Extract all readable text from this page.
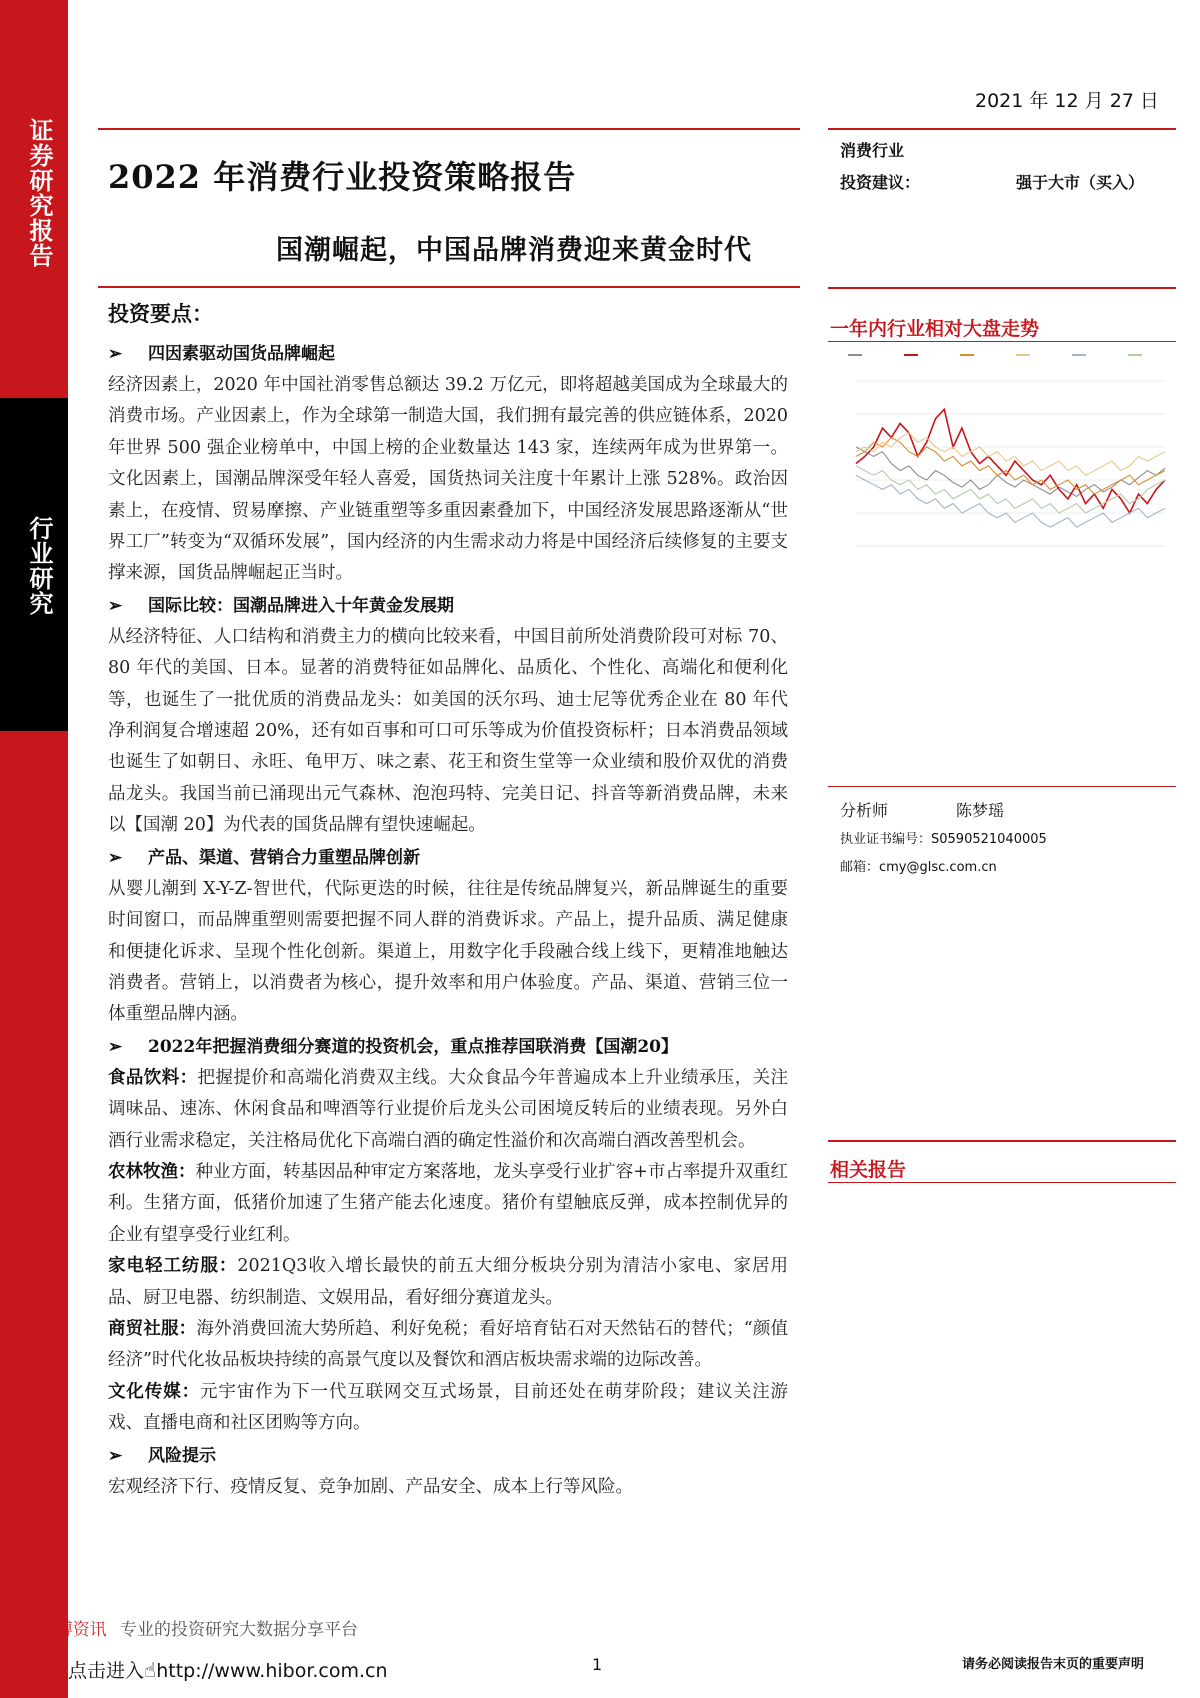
证券研究报告
行业研究
2021 年 12 月 27 日
2022 年消费行业投资策略报告
国潮崛起，中国品牌消费迎来黄金时代
消费行业
投资建议：	强于大市（买入）
一年内行业相对大盘走势
分析师	陈梦瑶
执业证书编号：S0590521040005
邮箱：cmy@glsc.com.cn
相关报告
投资要点：
➢ 四因素驱动国货品牌崛起

经济因素上，2020 年中国社消零售总额达 39.2 万亿元，即将超越美国成为全球最大的消费市场。产业因素上，作为全球第一制造大国，我们拥有最完善的供应链体系，2020 年世界 500 强企业榜单中，中国上榜的企业数量达 143 家，连续两年成为世界第一。文化因素上，国潮品牌深受年轻人喜爱，国货热词关注度十年累计上涨 528%。政治因素上，在疫情、贸易摩擦、产业链重塑等多重因素叠加下，中国经济发展思路逐渐从“世界工厂”转变为“双循环发展”，国内经济的内生需求动力将是中国经济后续修复的主要支撑来源，国货品牌崛起正当时。

➢ 国际比较：国潮品牌进入十年黄金发展期

从经济特征、人口结构和消费主力的横向比较来看，中国目前所处消费阶段可对标 70、80 年代的美国、日本。显著的消费特征如品牌化、品质化、个性化、高端化和便利化等，也诞生了一批优质的消费品龙头：如美国的沃尔玛、迪士尼等优秀企业在 80 年代净利润复合增速超 20%，还有如百事和可口可乐等成为价值投资标杆；日本消费品领域也诞生了如朝日、永旺、龟甲万、味之素、花王和资生堂等一众业绩和股价双优的消费品龙头。我国当前已涌现出元气森林、泡泡玛特、完美日记、抖音等新消费品牌，未来以【国潮 20】为代表的国货品牌有望快速崛起。

➢ 产品、渠道、营销合力重塑品牌创新

从婴儿潮到 X-Y-Z-智世代，代际更迭的时候，往往是传统品牌复兴，新品牌诞生的重要时间窗口，而品牌重塑则需要把握不同人群的消费诉求。产品上，提升品质、满足健康和便捷化诉求、呈现个性化创新。渠道上，用数字化手段融合线上线下，更精准地触达消费者。营销上，以消费者为核心，提升效率和用户体验度。产品、渠道、营销三位一体重塑品牌内涵。

➢ 2022年把握消费细分赛道的投资机会，重点推荐国联消费【国潮20】

食品饮料：把握提价和高端化消费双主线。大众食品今年普遍成本上升业绩承压，关注调味品、速冻、休闲食品和啤酒等行业提价后龙头公司困境反转后的业绩表现。另外白酒行业需求稳定，关注格局优化下高端白酒的确定性溢价和次高端白酒改善型机会。

农林牧渔：种业方面，转基因品种审定方案落地，龙头享受行业扩容+市占率提升双重红利。生猪方面，低猪价加速了生猪产能去化速度。猪价有望触底反弹，成本控制优异的企业有望享受行业红利。

家电轻工纺服：2021Q3收入增长最快的前五大细分板块分别为清洁小家电、家居用品、厨卫电器、纺织制造、文娱用品，看好细分赛道龙头。

商贸社服：海外消费回流大势所趋、利好免税；看好培育钻石对天然钻石的替代；“颜值经济”时代化妆品板块持续的高景气度以及餐饮和酒店板块需求端的边际改善。

文化传媒：元宇宙作为下一代互联网交互式场景，目前还处在萌芽阶段；建议关注游戏、直播电商和社区团购等方向。

➢ 风险提示

宏观经济下行、疫情反复、竞争加剧、产品安全、成本上行等风险。

“慧博资讯 专业的投资研究大数据分享平台
点击进入☝http://www.hibor.com.cn	1	请务必阅读报告末页的重要声明
